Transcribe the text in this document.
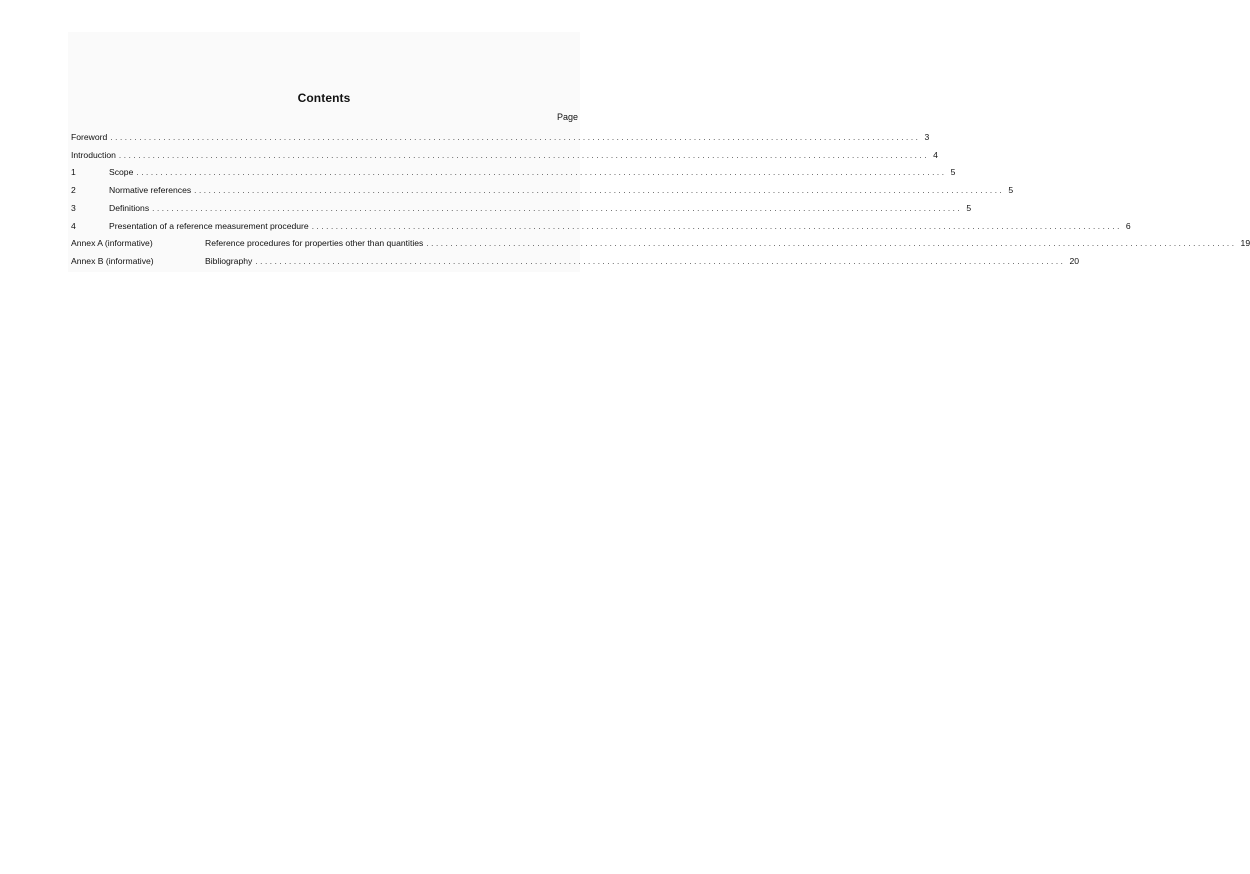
Contents
Page
Foreword ........................................................................................................................................................................ 3
Introduction ........................................................................................................................................................................ 4
1	Scope ........................................................................................................................................................................ 5
2	Normative references ........................................................................................................................................................................ 5
3	Definitions ........................................................................................................................................................................ 5
4	Presentation of a reference measurement procedure ........................................................................................................................................................................ 6
Annex A (informative)	Reference procedures for properties other than quantities ........................................................................................................................................................................ 19
Annex B (informative)	Bibliography ........................................................................................................................................................................ 20
